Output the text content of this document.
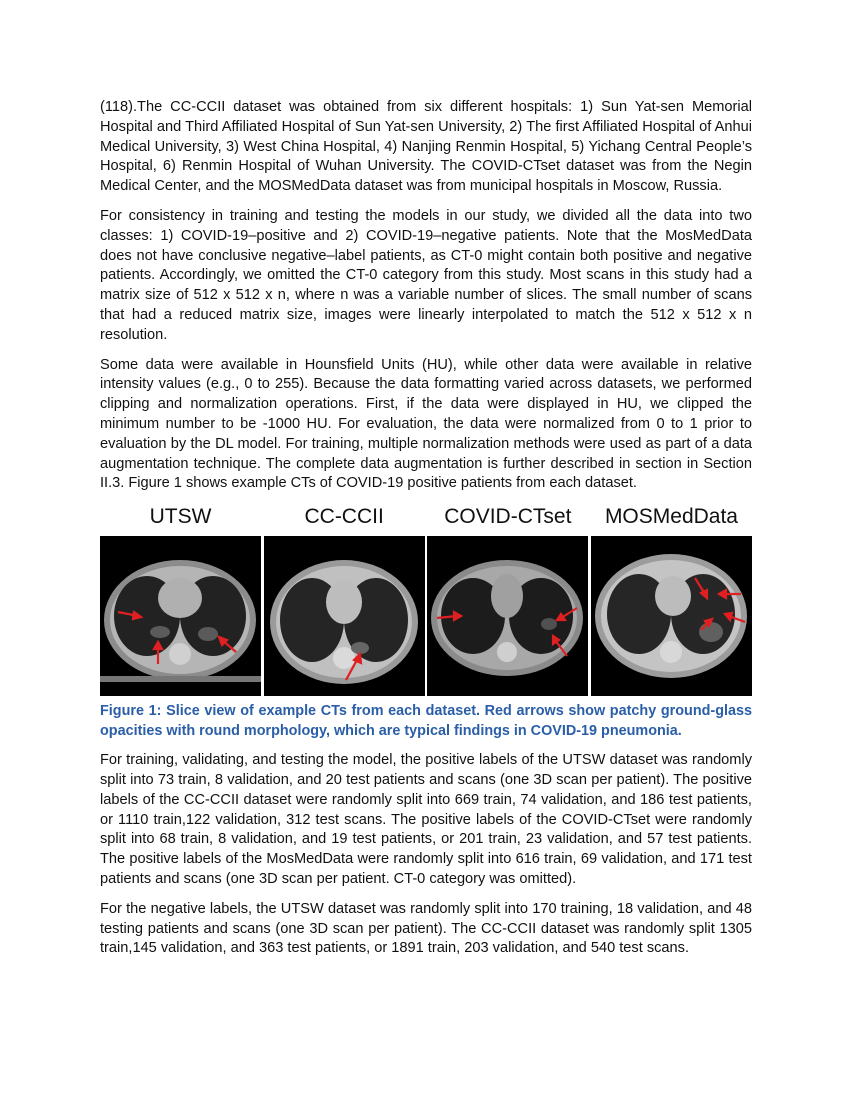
(118).The CC-CCII dataset was obtained from six different hospitals: 1) Sun Yat-sen Memorial Hospital and Third Affiliated Hospital of Sun Yat-sen University, 2) The first Affiliated Hospital of Anhui Medical University, 3) West China Hospital, 4) Nanjing Renmin Hospital, 5) Yichang Central People’s Hospital, 6) Renmin Hospital of Wuhan University. The COVID-CTset dataset was from the Negin Medical Center, and the MOSMedData dataset was from municipal hospitals in Moscow, Russia.

For consistency in training and testing the models in our study, we divided all the data into two classes: 1) COVID-19–positive and 2) COVID-19–negative patients. Note that the MosMedData does not have conclusive negative–label patients, as CT-0 might contain both positive and negative patients. Accordingly, we omitted the CT-0 category from this study. Most scans in this study had a matrix size of 512 x 512 x n, where n was a variable number of slices. The small number of scans that had a reduced matrix size, images were linearly interpolated to match the 512 x 512 x n resolution.

Some data were available in Hounsfield Units (HU), while other data were available in relative intensity values (e.g., 0 to 255). Because the data formatting varied across datasets, we performed clipping and normalization operations. First, if the data were displayed in HU, we clipped the minimum number to be -1000 HU. For evaluation, the data were normalized from 0 to 1 prior to evaluation by the DL model. For training, multiple normalization methods were used as part of a data augmentation technique. The complete data augmentation is further described in section in Section II.3. Figure 1 shows example CTs of COVID-19 positive patients from each dataset.

UTSW	CC-CCII	COVID-CTset	MOSMedData
Figure 1: Slice view of example CTs from each dataset. Red arrows show patchy ground-glass opacities with round morphology, which are typical findings in COVID-19 pneumonia.

For training, validating, and testing the model, the positive labels of the UTSW dataset was randomly split into 73 train, 8 validation, and 20 test patients and scans (one 3D scan per patient). The positive labels of the CC-CCII dataset were randomly split into 669 train, 74 validation, and 186 test patients, or 1110 train,122 validation, 312 test scans. The positive labels of the COVID-CTset were randomly split into 68 train, 8 validation, and 19 test patients, or 201 train, 23 validation, and 57 test patients. The positive labels of the MosMedData were randomly split into 616 train, 69 validation, and 171 test patients and scans (one 3D scan per patient. CT-0 category was omitted).

For the negative labels, the UTSW dataset was randomly split into 170 training, 18 validation, and 48 testing patients and scans (one 3D scan per patient). The CC-CCII dataset was randomly split 1305 train,145 validation, and 363 test patients, or 1891 train, 203 validation, and 540 test scans.
